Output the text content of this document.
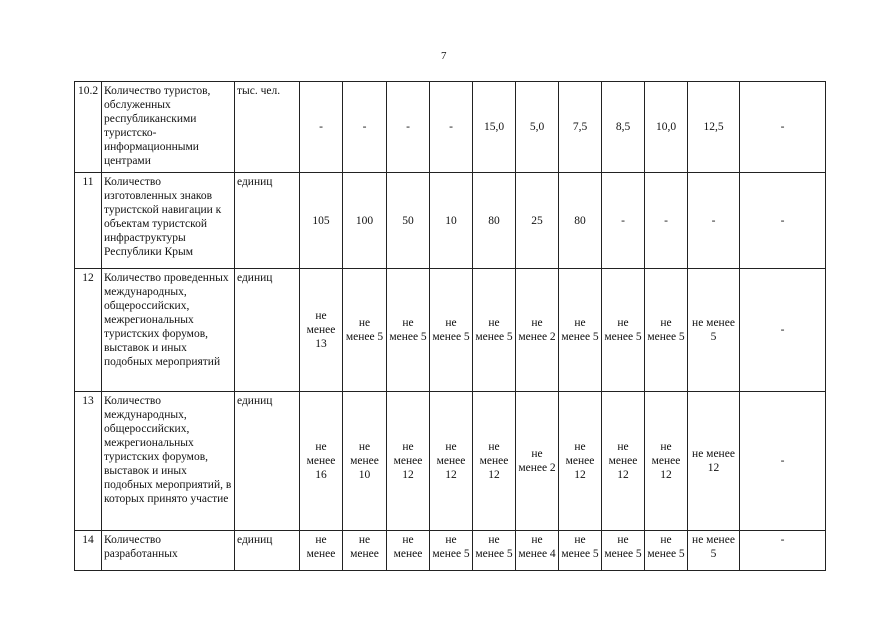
7
10.2	Количество туристов, обслуженных республиканскими туристско-информационными центрами	тыс. чел.	-	-	-	-	15,0	5,0	7,5	8,5	10,0	12,5	-
11	Количество изготовленных знаков туристской навигации к объектам туристской инфраструктуры Республики Крым	единиц	105	100	50	10	80	25	80	-	-	-	-
12	Количество проведенных международных, общероссийских, межрегиональных туристских форумов, выставок и иных подобных мероприятий	единиц	не менее 13	не менее 5	не менее 5	не менее 5	не менее 5	не менее 2	не менее 5	не менее 5	не менее 5	не менее 5	-
13	Количество международных, общероссийских, межрегиональных туристских форумов, выставок и иных подобных мероприятий, в которых принято участие	единиц	не менее 16	не менее 10	не менее 12	не менее 12	не менее 12	не менее 2	не менее 12	не менее 12	не менее 12	не менее 12	-
14	Количество разработанных	единиц	не менее	не менее	не менее	не менее 5	не менее 5	не менее 4	не менее 5	не менее 5	не менее 5	не менее 5	-
